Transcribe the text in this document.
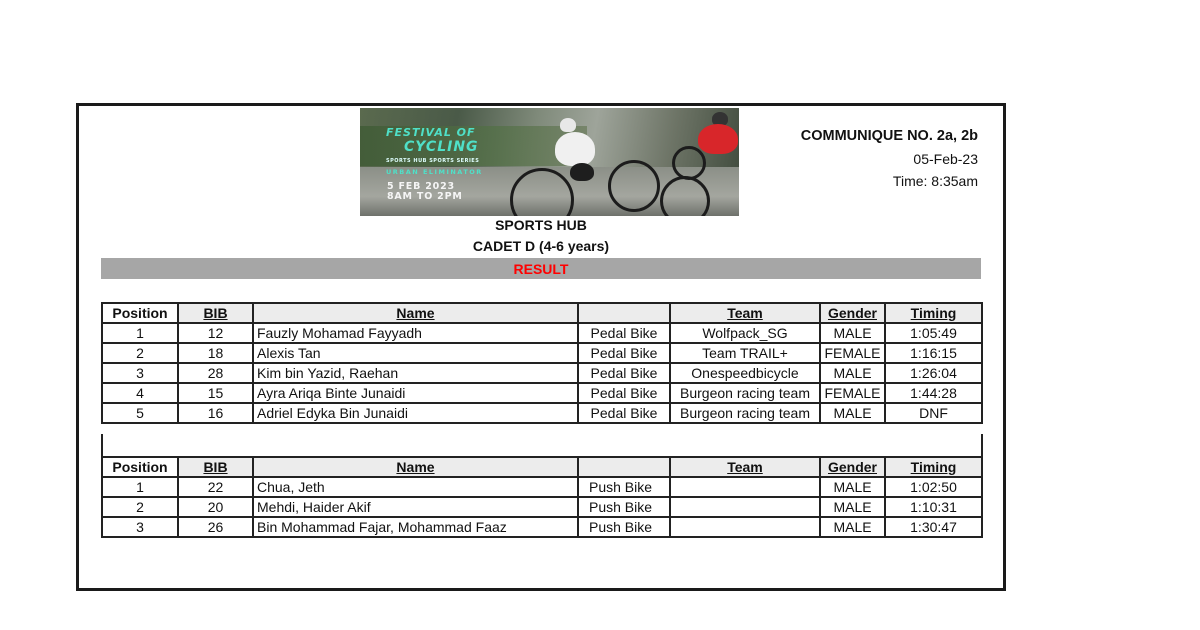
FESTIVAL OF
CYCLING
SPORTS HUB SPORTS SERIES
URBAN ELIMINATOR
5 FEB 2023
8AM TO 2PM
COMMUNIQUE NO. 2a, 2b
05-Feb-23
Time: 8:35am
SPORTS HUB
CADET D (4-6 years)
RESULT
Position	BIB	Name		Team	Gender	Timing
1	12	Fauzly Mohamad Fayyadh	Pedal Bike	Wolfpack_SG	MALE	1:05:49
2	18	Alexis Tan	Pedal Bike	Team TRAIL+	FEMALE	1:16:15
3	28	Kim bin Yazid, Raehan	Pedal Bike	Onespeedbicycle	MALE	1:26:04
4	15	Ayra Ariqa Binte Junaidi	Pedal Bike	Burgeon racing team	FEMALE	1:44:28
5	16	Adriel Edyka Bin Junaidi	Pedal Bike	Burgeon racing team	MALE	DNF
Position	BIB	Name		Team	Gender	Timing
1	22	Chua, Jeth	Push Bike		MALE	1:02:50
2	20	Mehdi, Haider Akif	Push Bike		MALE	1:10:31
3	26	Bin Mohammad Fajar, Mohammad Faaz	Push Bike		MALE	1:30:47
